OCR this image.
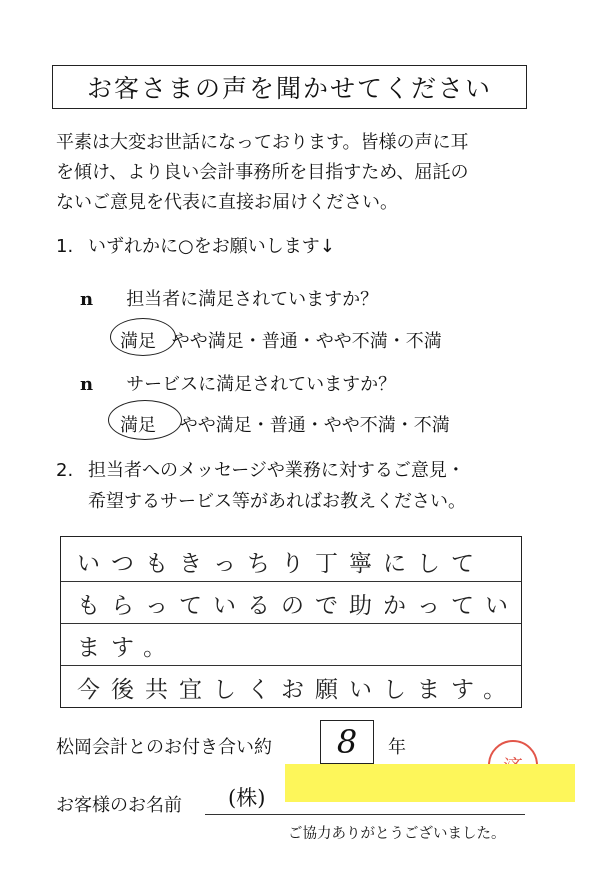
お客さまの声を聞かせてください
平素は大変お世話になっております。皆様の声に耳
を傾け、より良い会計事務所を目指すため、屈託の
ないご意見を代表に直接お届けください。
1. いずれかに○をお願いします↓
n 担当者に満足されていますか？
満足 やや満足・普通・やや不満・不満
n サービスに満足されていますか？
満足 やや満足・普通・やや不満・不満
2. 担当者へのメッセージや業務に対するご意見・
希望するサービス等があればお教えください。
いつもきっちり丁寧にして
もらっているので助かってい
ます。
今後共宜しくお願いします。
松岡会計とのお付き合い約	8	年
お客様のお名前 (株)
ご協力ありがとうございました。
